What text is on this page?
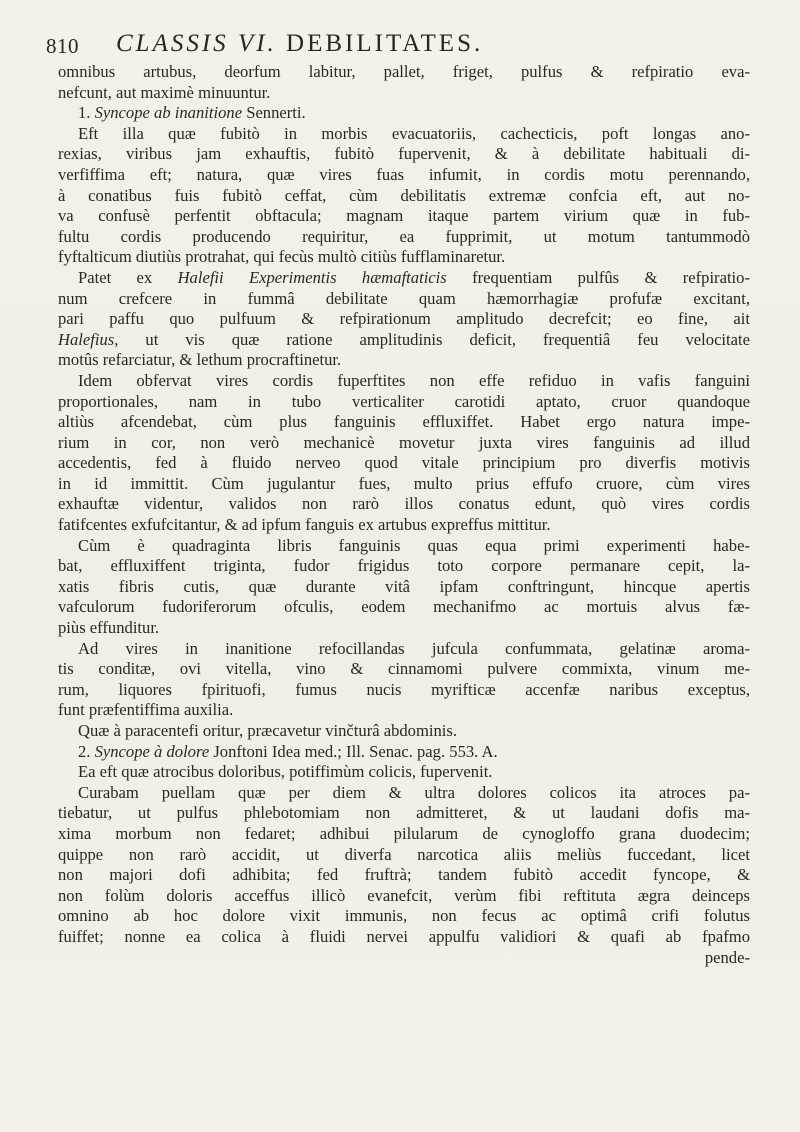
810 CLASSIS VI. DEBILITATES.
omnibus artubus, deorfum labitur, pallet, friget, pulfus & refpiratio eva-
nefcunt, aut maximè minuuntur.
1. Syncope ab inanitione Sennerti.
Eft illa quæ fubitò in morbis evacuatoriis, cachecticis, poft longas ano-
rexias, viribus jam exhauftis, fubitò fupervenit, & à debilitate habituali di-
verfiffima eft; natura, quæ vires fuas infumit, in cordis motu perennando,
à conatibus fuis fubitò ceffat, cùm debilitatis extremæ confcia eft, aut no-
va confusè perfentit obftacula; magnam itaque partem virium quæ in fub-
fultu cordis producendo requiritur, ea fupprimit, ut motum tantummodò
fyftalticum diutiùs protrahat, qui fecùs multò citiùs fufflaminaretur.
Patet ex Halefii Experimentis hæmaftaticis frequentiam pulfûs & refpiratio-
num crefcere in fummâ debilitate quam hæmorrhagiæ profufæ excitant,
pari paffu quo pulfuum & refpirationum amplitudo decrefcit; eo fine, ait
Halefius, ut vis quæ ratione amplitudinis deficit, frequentiâ feu velocitate
motûs refarciatur, & lethum procraftinetur.
Idem obfervat vires cordis fuperftites non effe refiduo in vafis fanguini
proportionales, nam in tubo verticaliter carotidi aptato, cruor quandoque
altiùs afcendebat, cùm plus fanguinis effluxiffet. Habet ergo natura impe-
rium in cor, non verò mechanicè movetur juxta vires fanguinis ad illud
accedentis, fed à fluido nerveo quod vitale principium pro diverfis motivis
in id immittit. Cùm jugulantur fues, multo prius effufo cruore, cùm vires
exhauftæ videntur, validos non rarò illos conatus edunt, quò vires cordis
fatifcentes exfufcitantur, & ad ipfum fanguis ex artubus expreffus mittitur.
Cùm è quadraginta libris fanguinis quas equa primi experimenti habe-
bat, effluxiffent triginta, fudor frigidus toto corpore permanare cepit, la-
xatis fibris cutis, quæ durante vitâ ipfam conftringunt, hincque apertis
vafculorum fudoriferorum ofculis, eodem mechanifmo ac mortuis alvus fæ-
piùs effunditur.
Ad vires in inanitione refocillandas jufcula confummata, gelatinæ aroma-
tis conditæ, ovi vitella, vino & cinnamomi pulvere commixta, vinum me-
rum, liquores fpirituofi, fumus nucis myrifticæ accenfæ naribus exceptus,
funt præfentiffima auxilia.
Quæ à paracentefi oritur, præcavetur vinčturâ abdominis.
2. Syncope à dolore Jonftoni Idea med.; Ill. Senac. pag. 553. A.
Ea eft quæ atrocibus doloribus, potiffimùm colicis, fupervenit.
Curabam puellam quæ per diem & ultra dolores colicos ita atroces pa-
tiebatur, ut pulfus phlebotomiam non admitteret, & ut laudani dofis ma-
xima morbum non fedaret; adhibui pilularum de cynogloffo grana duodecim;
quippe non rarò accidit, ut diverfa narcotica aliis meliùs fuccedant, licet
non majori dofi adhibita; fed fruftrà; tandem fubitò accedit fyncope, &
non folùm doloris acceffus illicò evanefcit, verùm fibi reftituta ægra deinceps
omnino ab hoc dolore vixit immunis, non fecus ac optimâ crifi folutus
fuiffet; nonne ea colica à fluidi nervei appulfu validiori & quafi ab fpafmo
pende-
